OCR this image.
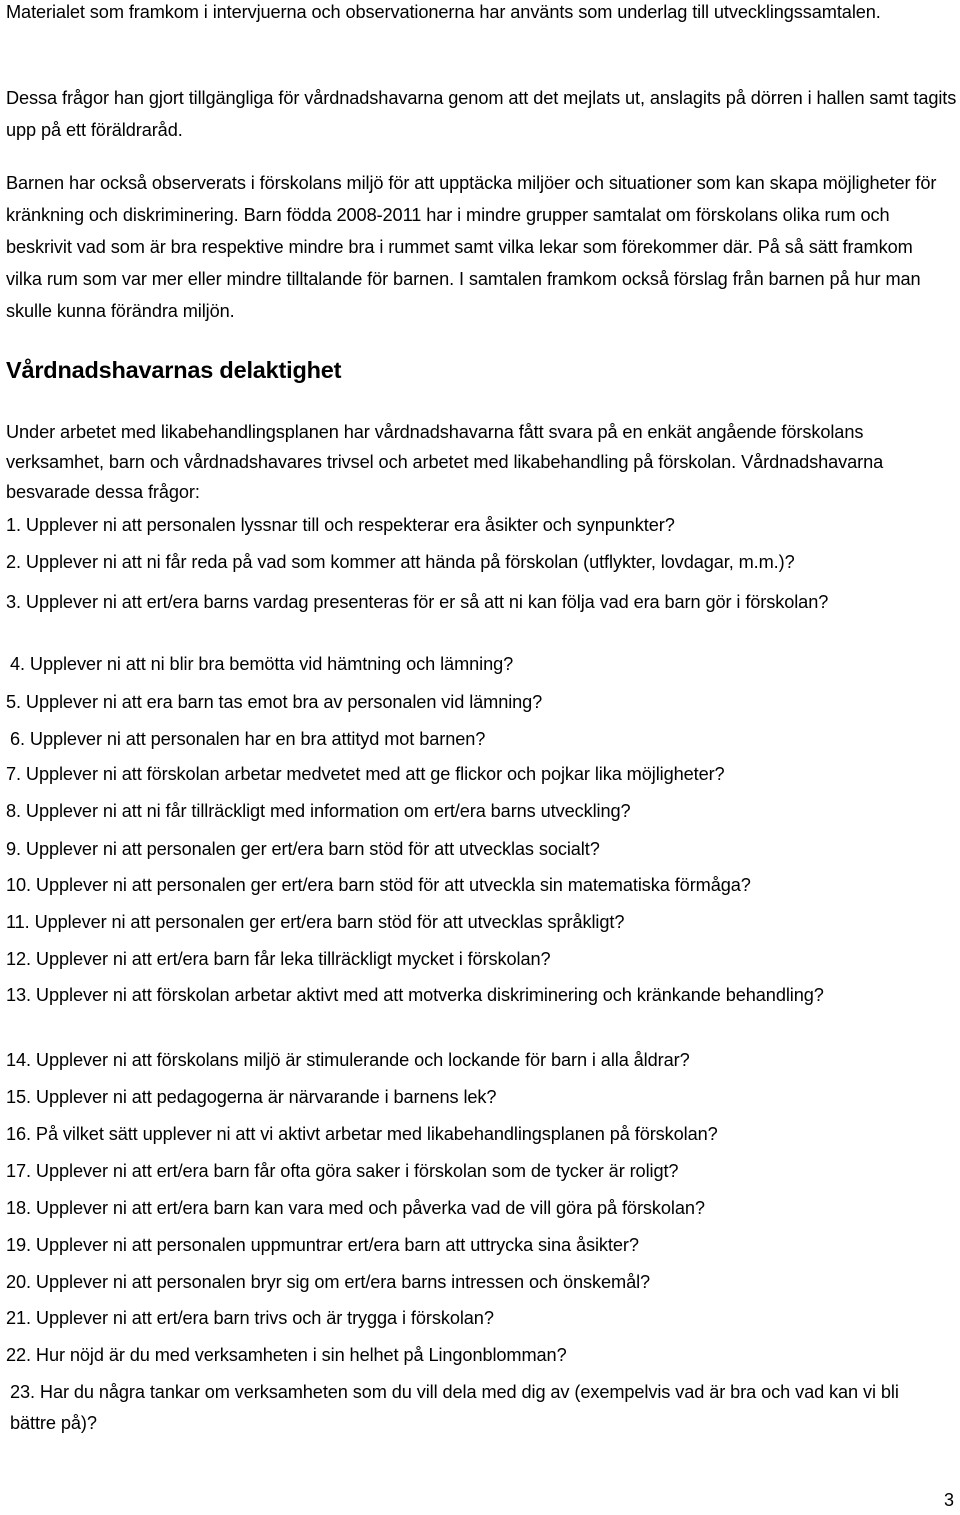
Materialet som framkom i intervjuerna och observationerna har använts som underlag till utvecklingssamtalen.

Dessa frågor han gjort tillgängliga för vårdnadshavarna genom att det mejlats ut, anslagits på dörren i hallen samt tagits upp på ett föräldraråd.

Barnen har också observerats i förskolans miljö för att upptäcka miljöer och situationer som kan skapa möjligheter för kränkning och diskriminering. Barn födda 2008-2011 har i mindre grupper samtalat om förskolans olika rum och beskrivit vad som är bra respektive mindre bra i rummet samt vilka lekar som förekommer där. På så sätt framkom vilka rum som var mer eller mindre tilltalande för barnen. I samtalen framkom också förslag från barnen på hur man skulle kunna förändra miljön.

Vårdnadshavarnas delaktighet

Under arbetet med likabehandlingsplanen har vårdnadshavarna fått svara på en enkät angående förskolans verksamhet, barn och vårdnadshavares trivsel och arbetet med likabehandling på förskolan. Vårdnadshavarna besvarade dessa frågor:

1. Upplever ni att personalen lyssnar till och respekterar era åsikter och synpunkter?

2. Upplever ni att ni får reda på vad som kommer att hända på förskolan (utflykter, lovdagar, m.m.)?

3. Upplever ni att ert/era barns vardag presenteras för er så att ni kan följa vad era barn gör i förskolan?

4. Upplever ni att ni blir bra bemötta vid hämtning och lämning?

5. Upplever ni att era barn tas emot bra av personalen vid lämning?

6. Upplever ni att personalen har en bra attityd mot barnen?

7. Upplever ni att förskolan arbetar medvetet med att ge flickor och pojkar lika möjligheter?

8. Upplever ni att ni får tillräckligt med information om ert/era barns utveckling?

9. Upplever ni att personalen ger ert/era barn stöd för att utvecklas socialt?

10. Upplever ni att personalen ger ert/era barn stöd för att utveckla sin matematiska förmåga?

11. Upplever ni att personalen ger ert/era barn stöd för att utvecklas språkligt?

12. Upplever ni att ert/era barn får leka tillräckligt mycket i förskolan?

13. Upplever ni att förskolan arbetar aktivt med att motverka diskriminering och kränkande behandling?

14. Upplever ni att förskolans miljö är stimulerande och lockande för barn i alla åldrar?

15. Upplever ni att pedagogerna är närvarande i barnens lek?

16. På vilket sätt upplever ni att vi aktivt arbetar med likabehandlingsplanen på förskolan?

17. Upplever ni att ert/era barn får ofta göra saker i förskolan som de tycker är roligt?

18. Upplever ni att ert/era barn kan vara med och påverka vad de vill göra på förskolan?

19. Upplever ni att personalen uppmuntrar ert/era barn att uttrycka sina åsikter?

20. Upplever ni att personalen bryr sig om ert/era barns intressen och önskemål?

21. Upplever ni att ert/era barn trivs och är trygga i förskolan?

22. Hur nöjd är du med verksamheten i sin helhet på Lingonblomman?

23. Har du några tankar om verksamheten som du vill dela med dig av (exempelvis vad är bra och vad kan vi bli bättre på)?

3
